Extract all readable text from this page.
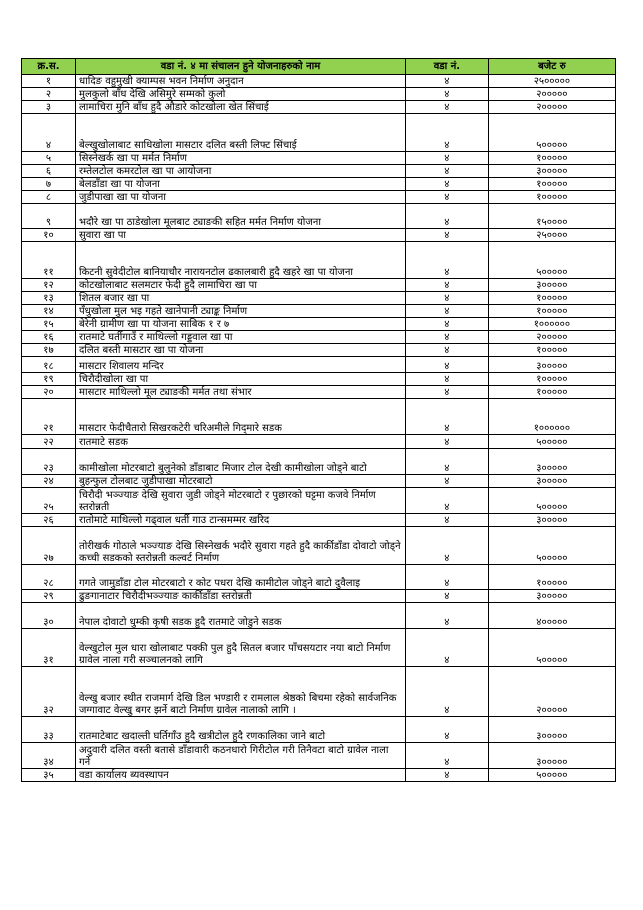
क्र.स.	वडा नं. ४ मा संचालन हुने योजनाहरुको नाम	वडा नं.	बजेट रु
१	धादिङ वहुमुखी क्याम्पस भवन निर्माण अनुदान	४	२५०००००
२	मुलकुलो बाँध देखि असिमुरे सम्मको कुलो	४	२०००००
३	लामाचिरा मुनि बाँध हुदै औडारे कोटखोला खेत सिंचाई	४	२०००००
४	बेल्खुखोलाबाट साधिखोला मासटार दलित बस्ती लिफ्ट सिंचाई	४	५०००००
५	सिस्नेखर्क खा पा मर्मत निर्माण	४	१०००००
६	रम्तेलटोल कमरटोल खा पा आयोजना	४	३०००००
७	बेलडाँडा खा पा योजना	४	१०००००
८	जुडीपाखा खा पा योजना	४	१०००००
९	भदौरे खा पा ठाडेखोला मूलबाट ट्याङकी सहित मर्मत निर्माण योजना	४	१५००००
१०	सुवारा खा पा	४	२५००००
११	किटनी सुवेदीटोल बानियाचौर नारायनटोल ढकालबारी हुदै खहरे खा पा योजना	४	५०००००
१२	कोटखोलाबाट सलमटार फेदी हुदै लामाचिरा खा पा	४	३०००००
१३	शितल बजार खा पा	४	१०००००
१४	पँधुखोला मुल भइ गहते खानेपानी ट्याङ्क निर्माण	४	१०००००
१५	बेरेनी ग्रामीण खा पा योजना साबिक १ र ७	४	१००००००
१६	रातमाटे घर्तीगाउँ र माथिल्लो गड्डवाल खा पा	४	२०००००
१७	दलित बस्ती मासटार खा पा योजना	४	१०००००
१८	मासटार शिवालय मन्दिर	४	३०००००
१९	चिरौदीखोला खा पा	४	१०००००
२०	मासटार माथिल्लो मूल ट्याङकी मर्मत तथा संभार	४	१०००००
२१	मासटार फेदीचैतारो सिखरकटेरी चरिअमीले गिद्‍मारे सडक	४	१००००००
२२	रातमाटे सडक	४	५०००००
२३	कामीखोला मोटरबाटो बुलुनेको डाँडाबाट मिजार टोल देखी कामीखोला जोड्ने बाटो	४	३०००००
२४	बुहन्फुल टोलबाट जुडीपाखा मोटरबाटो	४	३०००००
२५	चिरौदी भञ्ज्याङ देखि सुवारा जुडी जोड्ने मोटरबाटो र पुछारको घट्टमा कजवे निर्माण स्तरोन्नती	४	५०००००
२६	रातोमाटे माथिल्लो गढ्वाल धर्ती गाउ टान्समम्मर खरिद	४	३०००००
२७	तोरीखर्क गोठाले भञ्ज्याङ देखि सिस्नेखर्क भदौरे सुवारा गहते हुदै कार्कीडाँडा दोवाटो जोड्ने कच्ची सडकको स्तरोन्नती कल्वर्ट निर्माण	४	५०००००
२८	गगते जामुडाँडा टोल मोटरबाटो र कोट पधरा देखि कामीटोल जोड्ने बाटो दुवैलाइ	४	१०००००
२९	ढुङगानाटार चिरौदीभञ्ज्याङ कार्कीडाँडा स्तरोन्नती	४	३०००००
३०	नेपाल दोवाटो धुम्की कृषी सडक हुदै रातमाटे जोडुने सडक	४	४०००००
३१	वेल्खुटोल मुल धारा खोलाबाट पक्की पुल हुदै सितल बजार पाँचसयटार नया बाटो निर्माण ग्रावेल नाला गरी सञ्चालनको लागि	४	५०००००
३२	वेल्खु बजार स्थीत राजमार्ग देखि डिल भण्डारी र रामलाल श्रेष्ठको बिचमा रहेको सार्वजनिक जग्गावाट वेल्खु बगर झर्ने बाटो निर्माण ग्रावेल नालाको लागि ।	४	२०००००
३३	रातमाटेबाट खदाल्ती घर्तिगाँउ हुदै खत्रीटोल हुदै रणकालिका जाने बाटो	४	३०००००
३४	अदुवारी दलित वस्ती बतासे डाँडावारी कठनधारो गिरीटोल गरी तिनैवटा बाटो ग्रावेल नाला गर्ने	४	३०००००
३५	वडा कार्यालय ब्यवस्थापन	४	५०००००
